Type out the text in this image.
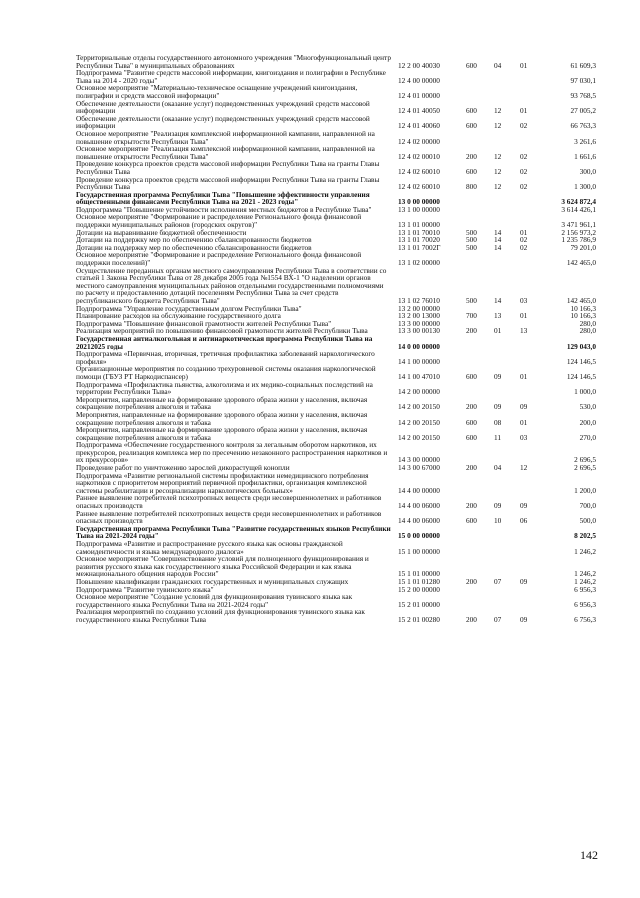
Территориальные отделы государственного автономного учреждения "Многофункциональный центр Республики Тыва" в муниципальных образованиях	12 2 00 40030	600	04	01	61 609,3
Подпрограмма "Развитие средств массовой информации, книгоиздания и полиграфии в Республике Тыва на 2014 - 2020 годы"	12 4 00 00000	97 030,1
Основное мероприятие "Материально-техническое оснащение учреждений книгоиздания, полиграфии и средств массовой информации"	12 4 01 00000	93 768,5
Обеспечение деятельности (оказание услуг) подведомственных учреждений средств массовой информации	12 4 01 40050	600	12	01	27 005,2
Обеспечение деятельности (оказание услуг) подведомственных учреждений средств массовой информации	12 4 01 40060	600	12	02	66 763,3
Основное мероприятие "Реализация комплексной информационной кампании, направленной на повышение открытости Республики Тыва"	12 4 02 00000	3 261,6
Основное мероприятие "Реализация комплексной информационной кампании, направленной на повышение открытости Республики Тыва"	12 4 02 00010	200	12	02	1 661,6
Проведение конкурса проектов средств массовой информации Республики Тыва на гранты Главы Республики Тыва	12 4 02 60010	600	12	02	300,0
Проведение конкурса проектов средств массовой информации Республики Тыва на гранты Главы Республики Тыва	12 4 02 60010	800	12	02	1 300,0
Государственная программа Республики Тыва "Повышение эффективности управления общественными финансами Республики Тыва на 2021 - 2023 годы"	13 0 00 00000	3 624 872,4
Подпрограмма "Повышение устойчивости исполнения местных бюджетов в Республике Тыва"	13 1 00 00000	3 614 426,1
Основное мероприятие "Формирование и распределение Регионального фонда финансовой поддержки муниципальных районов (городских округов)"	13 1 01 00000	3 471 961,1
Дотации на выравнивание бюджетной обеспеченности	13 1 01 70010	500	14	01	2 156 973,2
Дотации на поддержку мер по обеспечению сбалансированности бюджетов	13 1 01 70020	500	14	02	1 235 786,9
Дотации на поддержку мер по обеспечению сбалансированности бюджетов	13 1 01 7002Г	500	14	02	79 201,0
Основное мероприятие "Формирование и распределение Регионального фонда финансовой поддержки поселений)"	13 1 02 00000	142 465,0
Осуществление переданных органам местного самоуправления Республики Тыва в соответствии со статьей 1 Закона Республики Тыва от 28 декабря 2005 года №1554 ВХ-1 "О наделении органов местного самоуправления муниципальных районов отдельными государственными полномочиями по расчету и предоставлению дотаций поселениям Республики Тыва за счет средств республиканского бюджета Республики Тыва"	13 1 02 76010	500	14	03	142 465,0
Подпрограмма "Управление государственным долгом Республики Тыва"	13 2 00 00000	10 166,3
Планирование расходов на обслуживание государственного долга	13 2 00 13000	700	13	01	10 166,3
Подпрограмма "Повышение финансовой грамотности жителей Республики Тыва"	13 3 00 00000	280,0
Реализация мероприятий по повышению финансовой грамотности жителей Республики Тыва	13 3 00 00130	200	01	13	280,0
Государственная антиалкогольная и антинаркотическая программа Республики Тыва на 20212025 годы	14 0 00 00000	129 043,0
Подпрограмма «Первичная, вторичная, третичная профилактика заболеваний наркологического профиля»	14 1 00 00000	124 146,5
Организационные мероприятия по созданию трехуровневой системы оказания наркологической помощи (ГБУЗ РТ Наркодиспансер)	14 1 00 47010	600	09	01	124 146,5
Подпрограмма «Профилактика пьянства, алкоголизма и их медико-социальных последствий на территории Республики Тыва»	14 2 00 00000	1 000,0
Мероприятия, направленные на формирование здорового образа жизни у населения, включая сокращение потребления алкоголя и табака	14 2 00 20150	200	09	09	530,0
Мероприятия, направленные на формирование здорового образа жизни у населения, включая сокращение потребления алкоголя и табака	14 2 00 20150	600	08	01	200,0
Мероприятия, направленные на формирование здорового образа жизни у населения, включая сокращение потребления алкоголя и табака	14 2 00 20150	600	11	03	270,0
Подпрограмма «Обеспечение государственного контроля за легальным оборотом наркотиков, их прекурсоров, реализация комплекса мер по пресечению незаконного распространения наркотиков и их прекурсоров»	14 3 00 00000	2 696,5
Проведение работ по уничтожению зарослей дикорастущей конопли	14 3 00 67000	200	04	12	2 696,5
Подпрограмма «Развитие региональной системы профилактики немедицинского потребления наркотиков с приоритетом мероприятий первичной профилактики, организация комплексной системы реабилитации и ресоциализации наркологических больных»	14 4 00 00000	1 200,0
Раннее выявление потребителей психотропных веществ среди несовершеннолетних и работников опасных производств	14 4 00 06000	200	09	09	700,0
Раннее выявление потребителей психотропных веществ среди несовершеннолетних и работников опасных производств	14 4 00 06000	600	10	06	500,0
Государственная программа Республики Тыва "Развитие государственных языков Республики Тыва на 2021-2024 годы"	15 0 00 00000	8 202,5
Подпрограмма «Развитие и распространение русского языка как основы гражданской самоидентичности и языка международного диалога»	15 1 00 00000	1 246,2
Основное мероприятие "Совершенствование условий для полноценного функционирования и развития русского языка как государственного языка Российской Федерации и как языка межнационального общения народов России"	15 1 01 00000	1 246,2
Повышение квалификации гражданских государственных и муниципальных служащих	15 1 01 01280	200	07	09	1 246,2
Подпрограмма "Развитие тувинского языка"	15 2 00 00000	6 956,3
Основное мероприятие "Создание условий для функционирования тувинского языка как государственного языка Республики Тыва на 2021-2024 годы"	15 2 01 00000	6 956,3
Реализация мероприятий по созданию условий для функционирования тувинского языка как государственного языка Республики Тыва	15 2 01 00280	200	07	09	6 756,3
142
